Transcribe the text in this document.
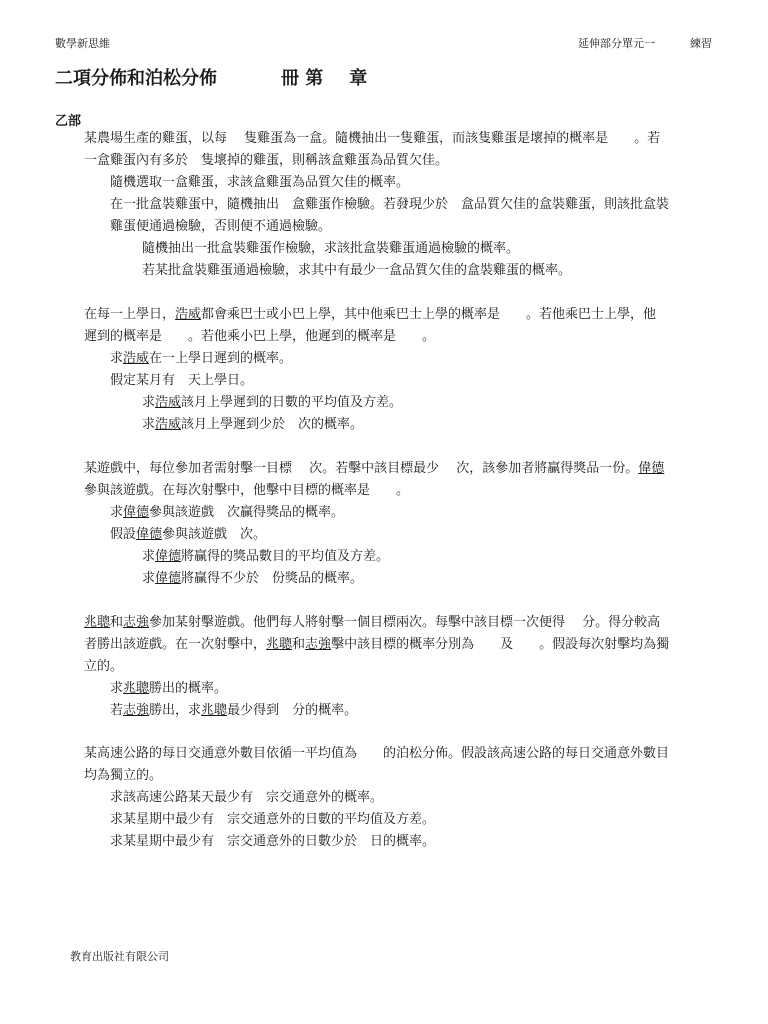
數學新思維	延伸部分單元一	練習
二項分佈和泊松分佈	冊 第 章
乙部
某農場生產的雞蛋，以每　 隻雞蛋為一盒。隨機抽出一隻雞蛋，而該隻雞蛋是壞掉的概率是　　。若
一盒雞蛋內有多於　隻壞掉的雞蛋，則稱該盒雞蛋為品質欠佳。
隨機選取一盒雞蛋，求該盒雞蛋為品質欠佳的概率。
在一批盒裝雞蛋中，隨機抽出　盒雞蛋作檢驗。若發現少於　盒品質欠佳的盒裝雞蛋，則該批盒裝
雞蛋便通過檢驗，否則便不通過檢驗。
隨機抽出一批盒裝雞蛋作檢驗，求該批盒裝雞蛋通過檢驗的概率。
若某批盒裝雞蛋通過檢驗，求其中有最少一盒品質欠佳的盒裝雞蛋的概率。
在每一上學日，浩威都會乘巴士或小巴上學，其中他乘巴士上學的概率是　　。若他乘巴士上學，他
遲到的概率是　　。若他乘小巴上學，他遲到的概率是　　。
求浩威在一上學日遲到的概率。
假定某月有　天上學日。
求浩威該月上學遲到的日數的平均值及方差。
求浩威該月上學遲到少於　次的概率。
某遊戲中，每位參加者需射擊一目標　 次。若擊中該目標最少　 次，該參加者將贏得獎品一份。偉德
參與該遊戲。在每次射擊中，他擊中目標的概率是　　。
求偉德參與該遊戲　次贏得獎品的概率。
假設偉德參與該遊戲　次。
求偉德將贏得的獎品數目的平均值及方差。
求偉德將贏得不少於　份獎品的概率。
兆聰和志強參加某射擊遊戲。他們每人將射擊一個目標兩次。每擊中該目標一次便得　 分。得分較高
者勝出該遊戲。在一次射擊中，兆聰和志強擊中該目標的概率分別為　　及　　。假設每次射擊均為獨
立的。
求兆聰勝出的概率。
若志強勝出，求兆聰最少得到　分的概率。
某高速公路的每日交通意外數目依循一平均值為　　的泊松分佈。假設該高速公路的每日交通意外數目
均為獨立的。
求該高速公路某天最少有　宗交通意外的概率。
求某星期中最少有　宗交通意外的日數的平均值及方差。
求某星期中最少有　宗交通意外的日數少於　日的概率。
教育出版社有限公司
